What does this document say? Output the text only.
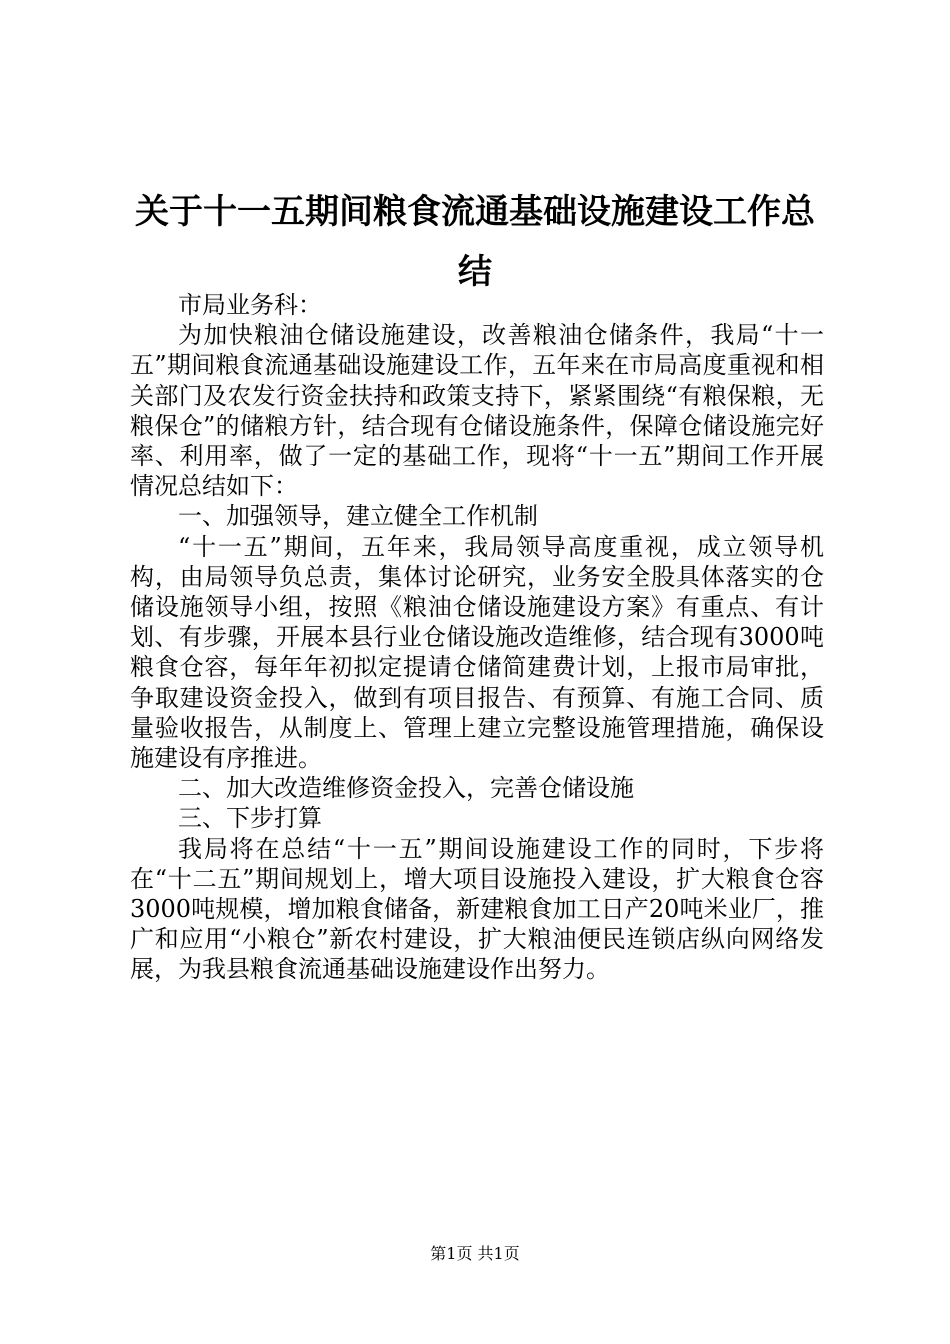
关于十一五期间粮食流通基础设施建设工作总结

市局业务科：

为加快粮油仓储设施建设，改善粮油仓储条件，我局“十一五”期间粮食流通基础设施建设工作，五年来在市局高度重视和相关部门及农发行资金扶持和政策支持下，紧紧围绕“有粮保粮，无粮保仓”的储粮方针，结合现有仓储设施条件，保障仓储设施完好率、利用率，做了一定的基础工作，现将“十一五”期间工作开展情况总结如下：

一、加强领导，建立健全工作机制

“十一五”期间，五年来，我局领导高度重视，成立领导机构，由局领导负总责，集体讨论研究，业务安全股具体落实的仓储设施领导小组，按照《粮油仓储设施建设方案》有重点、有计划、有步骤，开展本县行业仓储设施改造维修，结合现有3000吨粮食仓容，每年年初拟定提请仓储简建费计划，上报市局审批，争取建设资金投入，做到有项目报告、有预算、有施工合同、质量验收报告，从制度上、管理上建立完整设施管理措施，确保设施建设有序推进。

二、加大改造维修资金投入，完善仓储设施

三、下步打算

我局将在总结“十一五”期间设施建设工作的同时，下步将在“十二五”期间规划上，增大项目设施投入建设，扩大粮食仓容3000吨规模，增加粮食储备，新建粮食加工日产20吨米业厂，推广和应用“小粮仓”新农村建设，扩大粮油便民连锁店纵向网络发展，为我县粮食流通基础设施建设作出努力。

第1页 共1页
